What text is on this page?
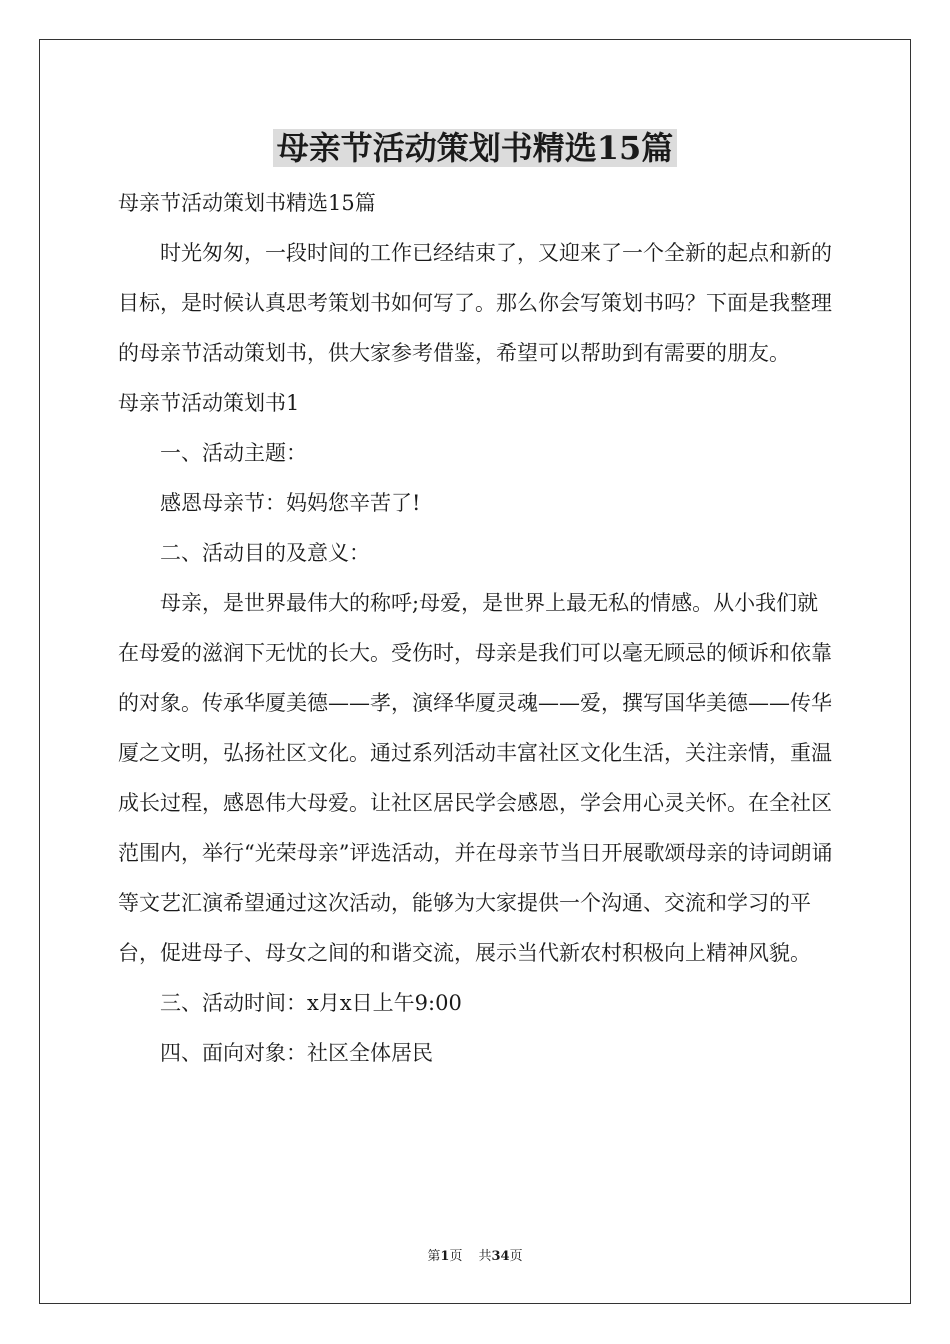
母亲节活动策划书精选15篇

母亲节活动策划书精选15篇

时光匆匆，一段时间的工作已经结束了，又迎来了一个全新的起点和新的目标，是时候认真思考策划书如何写了。那么你会写策划书吗？下面是我整理的母亲节活动策划书，供大家参考借鉴，希望可以帮助到有需要的朋友。

母亲节活动策划书1

一、活动主题：

感恩母亲节：妈妈您辛苦了!

二、活动目的及意义：

母亲，是世界最伟大的称呼;母爱，是世界上最无私的情感。从小我们就在母爱的滋润下无忧的长大。受伤时，母亲是我们可以毫无顾忌的倾诉和依靠的对象。传承华厦美德——孝，演绎华厦灵魂——爱，撰写国华美德——传华厦之文明，弘扬社区文化。通过系列活动丰富社区文化生活，关注亲情，重温成长过程，感恩伟大母爱。让社区居民学会感恩，学会用心灵关怀。在全社区范围内，举行“光荣母亲”评选活动，并在母亲节当日开展歌颂母亲的诗词朗诵等文艺汇演希望通过这次活动，能够为大家提供一个沟通、交流和学习的平台，促进母子、母女之间的和谐交流，展示当代新农村积极向上精神风貌。

三、活动时间：x月x日上午9:00

四、面向对象：社区全体居民

第1页 共34页
